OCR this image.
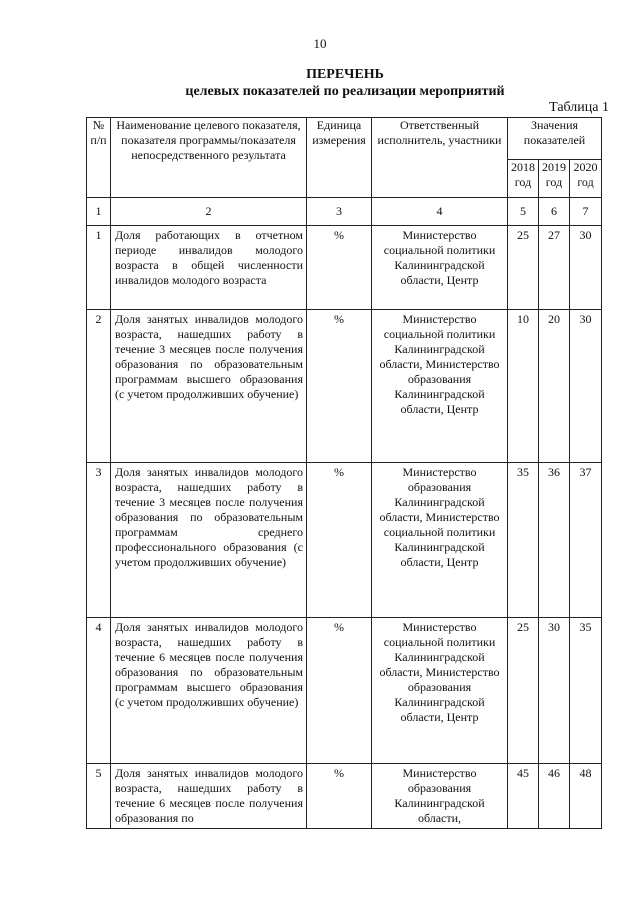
10
ПЕРЕЧЕНЬ
целевых показателей по реализации мероприятий
Таблица 1
№ п/п	Наименование целевого показателя, показателя программы/показателя непосредственного результата	Единица измерения	Ответственный исполнитель, участники	Значения показателей		
				2018 год	2019 год	2020 год
1	2	3	4	5	6	7
1	Доля работающих в отчетном периоде инвалидов молодого возраста в общей численности инвалидов молодого возраста	%	Министерство социальной политики Калининградской области, Центр	25	27	30
2	Доля занятых инвалидов молодого возраста, нашедших работу в течение 3 месяцев после получения образования по образовательным программам высшего образования (с учетом продолживших обучение)	%	Министерство социальной политики Калининградской области, Министерство образования Калининградской области, Центр	10	20	30
3	Доля занятых инвалидов молодого возраста, нашедших работу в течение 3 месяцев после получения образования по образовательным программам среднего профессионального образования (с учетом продолживших обучение)	%	Министерство образования Калининградской области, Министерство социальной политики Калининградской области, Центр	35	36	37
4	Доля занятых инвалидов молодого возраста, нашедших работу в течение 6 месяцев после получения образования по образовательным программам высшего образования (с учетом продолживших обучение)	%	Министерство социальной политики Калининградской области, Министерство образования Калининградской области, Центр	25	30	35
5	Доля занятых инвалидов молодого возраста, нашедших работу в течение 6 месяцев после получения образования по	%	Министерство образования Калининградской области,	45	46	48
